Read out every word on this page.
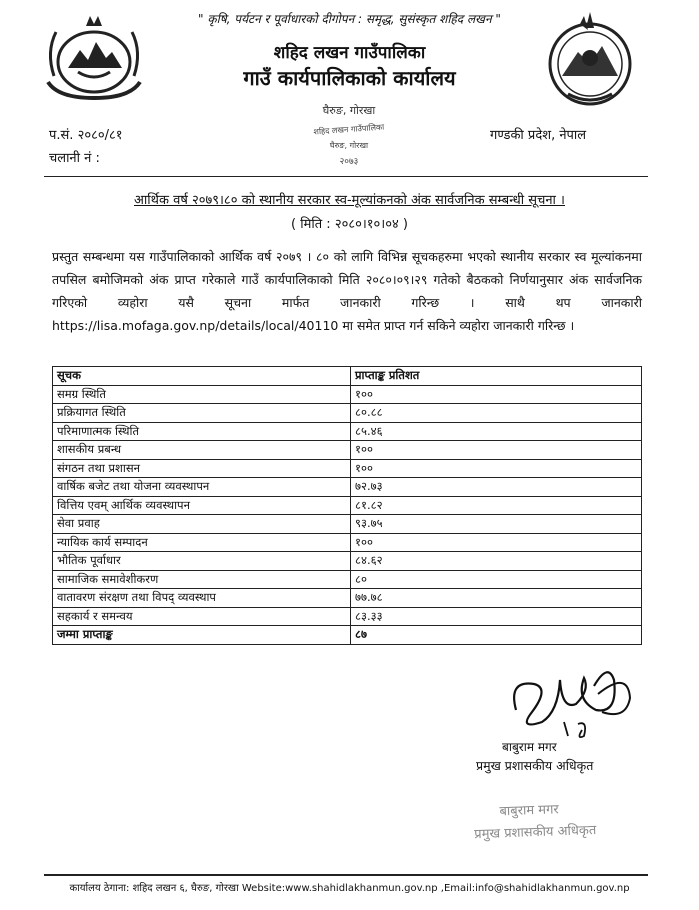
" कृषि, पर्यटन र पूर्वाधारको दीगोपन : समृद्ध, सुसंस्कृत शहिद लखन "
शहिद लखन गाउँपालिका
गाउँ कार्यपालिकाको कार्यालय
घैरुङ, गोरखा
शहिद लखन गाउँपालिका
घैरुङ, गोरखा
२०७३
प.सं. २०८०/८१
चलानी नं :
गण्डकी प्रदेश, नेपाल
आर्थिक वर्ष २०७९।८० को स्थानीय सरकार स्व-मूल्यांकनको अंक सार्वजनिक सम्बन्धी सूचना ।
( मिति : २०८०।१०।०४ )
प्रस्तुत सम्बन्धमा यस गाउँपालिकाको आर्थिक वर्ष २०७९ । ८० को लागि विभिन्न सूचकहरुमा भएको स्थानीय सरकार स्व मूल्यांकनमा तपसिल बमोजिमको अंक प्राप्त गरेकाले गाउँ कार्यपालिकाको मिति २०८०।०९।२९ गतेको बैठकको निर्णयानुसार अंक सार्वजनिक गरिएको व्यहोरा यसै सूचना मार्फत जानकारी गरिन्छ । साथै थप जानकारी https://lisa.mofaga.gov.np/details/local/40110 मा समेत प्राप्त गर्न सकिने व्यहोरा जानकारी गरिन्छ ।
सूचक	प्राप्ताङ्क प्रतिशत
समग्र स्थिति	१००
प्रक्रियागत स्थिति	८०.८८
परिमाणात्मक स्थिति	८५.४६
शासकीय प्रबन्ध	१००
संगठन तथा प्रशासन	१००
वार्षिक बजेट तथा योजना व्यवस्थापन	७२.७३
वित्तिय एवम् आर्थिक व्यवस्थापन	८१.८२
सेवा प्रवाह	९३.७५
न्यायिक कार्य सम्पादन	१००
भौतिक पूर्वाधार	८४.६२
सामाजिक समावेशीकरण	८०
वातावरण संरक्षण तथा विपद् व्यवस्थाप	७७.७८
सहकार्य र समन्वय	८३.३३
जम्मा प्राप्ताङ्क	८७
बाबुराम मगर
प्रमुख प्रशासकीय अधिकृत
बाबुराम मगर
प्रमुख प्रशासकीय अधिकृत
कार्यालय ठेगाना: शहिद लखन ६, घैरुङ, गोरखा Website:www.shahidlakhanmun.gov.np ,Email:info@shahidlakhanmun.gov.np
